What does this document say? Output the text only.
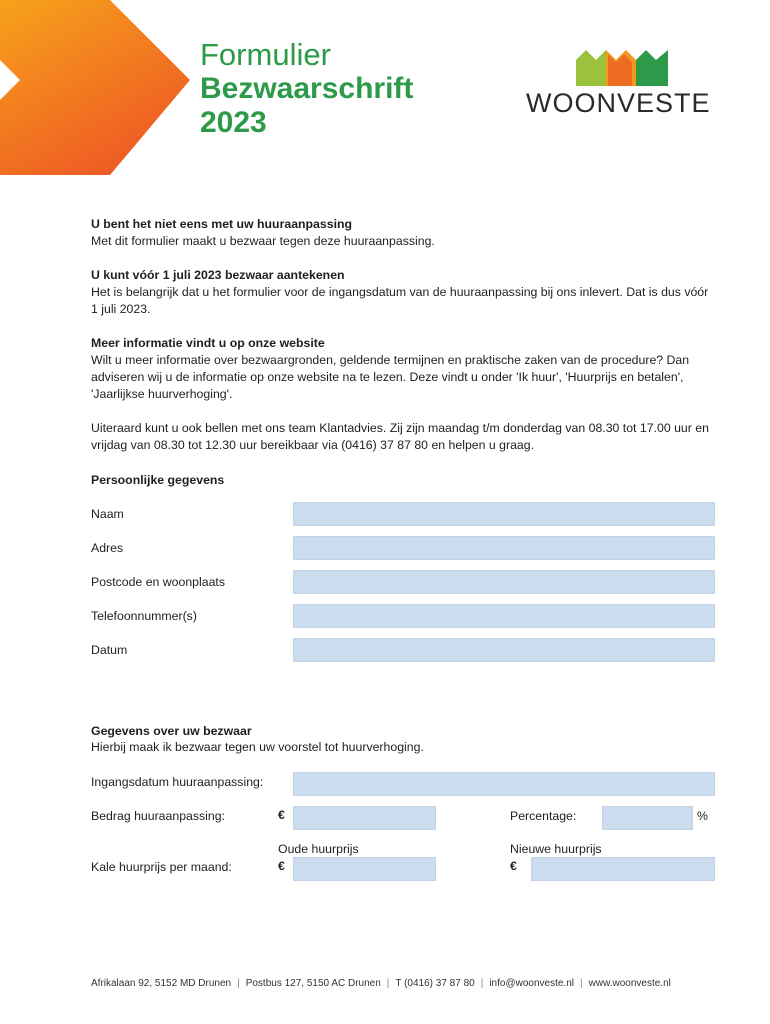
Formulier
Bezwaarschrift
2023
WOONVESTE

U bent het niet eens met uw huuraanpassing

Met dit formulier maakt u bezwaar tegen deze huuraanpassing.

U kunt vóór 1 juli 2023 bezwaar aantekenen

Het is belangrijk dat u het formulier voor de ingangsdatum van de huuraanpassing bij ons inlevert. Dat is dus vóór 1 juli 2023.

Meer informatie vindt u op onze website

Wilt u meer informatie over bezwaargronden, geldende termijnen en praktische zaken van de procedure? Dan adviseren wij u de informatie op onze website na te lezen. Deze vindt u onder 'Ik huur', 'Huurprijs en betalen', 'Jaarlijkse huurverhoging'.

Uiteraard kunt u ook bellen met ons team Klantadvies. Zij zijn maandag t/m donderdag van 08.30 tot 17.00 uur en vrijdag van 08.30 tot 12.30 uur bereikbaar via (0416) 37 87 80 en helpen u graag.

Persoonlijke gegevens
Naam
Adres
Postcode en woonplaats
Telefoonnummer(s)
Datum
Gegevens over uw bezwaar
Hierbij maak ik bezwaar tegen uw voorstel tot huurverhoging.
Ingangsdatum huuraanpassing:
Bedrag huuraanpassing:	€	Percentage:	%
Oude huurprijs	Nieuwe huurprijs
Kale huurprijs per maand:	€	€
Afrikalaan 92, 5152 MD Drunen | Postbus 127, 5150 AC Drunen | T (0416) 37 87 80 | info@woonveste.nl | www.woonveste.nl
